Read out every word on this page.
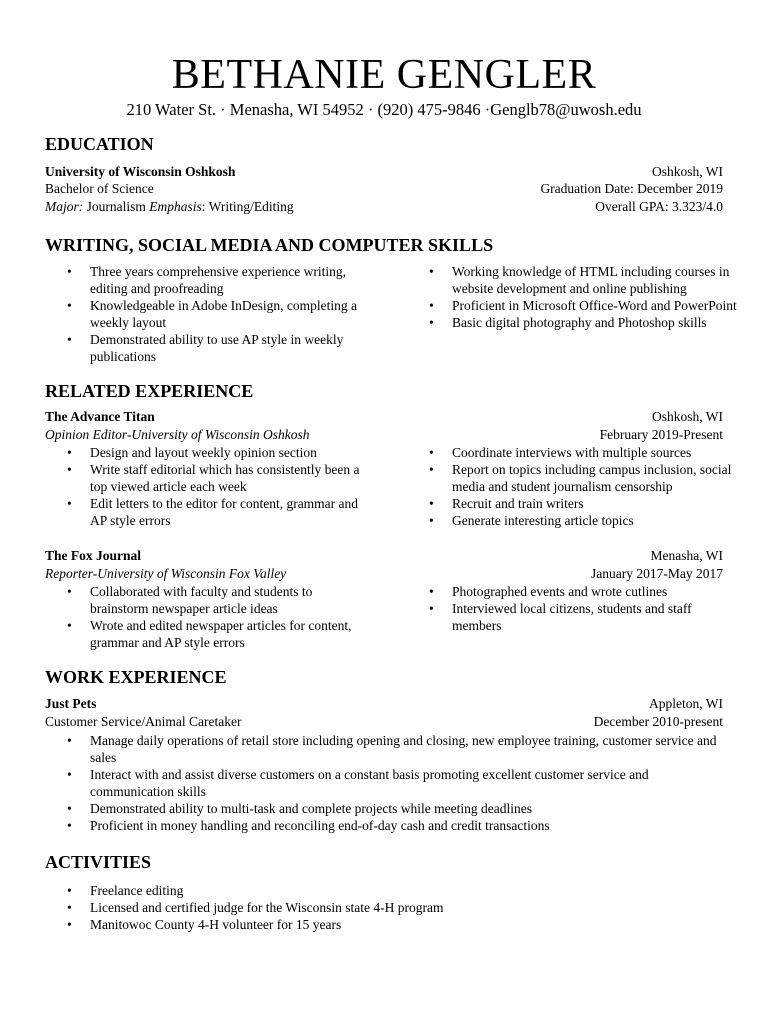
BETHANIE GENGLER
210 Water St. · Menasha, WI 54952 · (920) 475-9846 ·Genglb78@uwosh.edu
EDUCATION
University of Wisconsin Oshkosh	Oshkosh, WI
Bachelor of Science	Graduation Date: December 2019
Major: Journalism Emphasis: Writing/Editing	Overall GPA: 3.323/4.0
WRITING, SOCIAL MEDIA AND COMPUTER SKILLS
• Three years comprehensive experience writing, editing and proofreading
• Knowledgeable in Adobe InDesign, completing a weekly layout
• Demonstrated ability to use AP style in weekly publications
• Working knowledge of HTML including courses in website development and online publishing
• Proficient in Microsoft Office-Word and PowerPoint
• Basic digital photography and Photoshop skills
RELATED EXPERIENCE
The Advance Titan	Oshkosh, WI
Opinion Editor-University of Wisconsin Oshkosh	February 2019-Present
• Design and layout weekly opinion section
• Write staff editorial which has consistently been a top viewed article each week
• Edit letters to the editor for content, grammar and AP style errors
• Coordinate interviews with multiple sources
• Report on topics including campus inclusion, social media and student journalism censorship
• Recruit and train writers
• Generate interesting article topics
The Fox Journal	Menasha, WI
Reporter-University of Wisconsin Fox Valley	January 2017-May 2017
• Collaborated with faculty and students to brainstorm newspaper article ideas
• Wrote and edited newspaper articles for content, grammar and AP style errors
• Photographed events and wrote cutlines
• Interviewed local citizens, students and staff members
WORK EXPERIENCE
Just Pets	Appleton, WI
Customer Service/Animal Caretaker	December 2010-present
• Manage daily operations of retail store including opening and closing, new employee training, customer service and sales
• Interact with and assist diverse customers on a constant basis promoting excellent customer service and communication skills
• Demonstrated ability to multi-task and complete projects while meeting deadlines
• Proficient in money handling and reconciling end-of-day cash and credit transactions
ACTIVITIES
• Freelance editing
• Licensed and certified judge for the Wisconsin state 4-H program
• Manitowoc County 4-H volunteer for 15 years
